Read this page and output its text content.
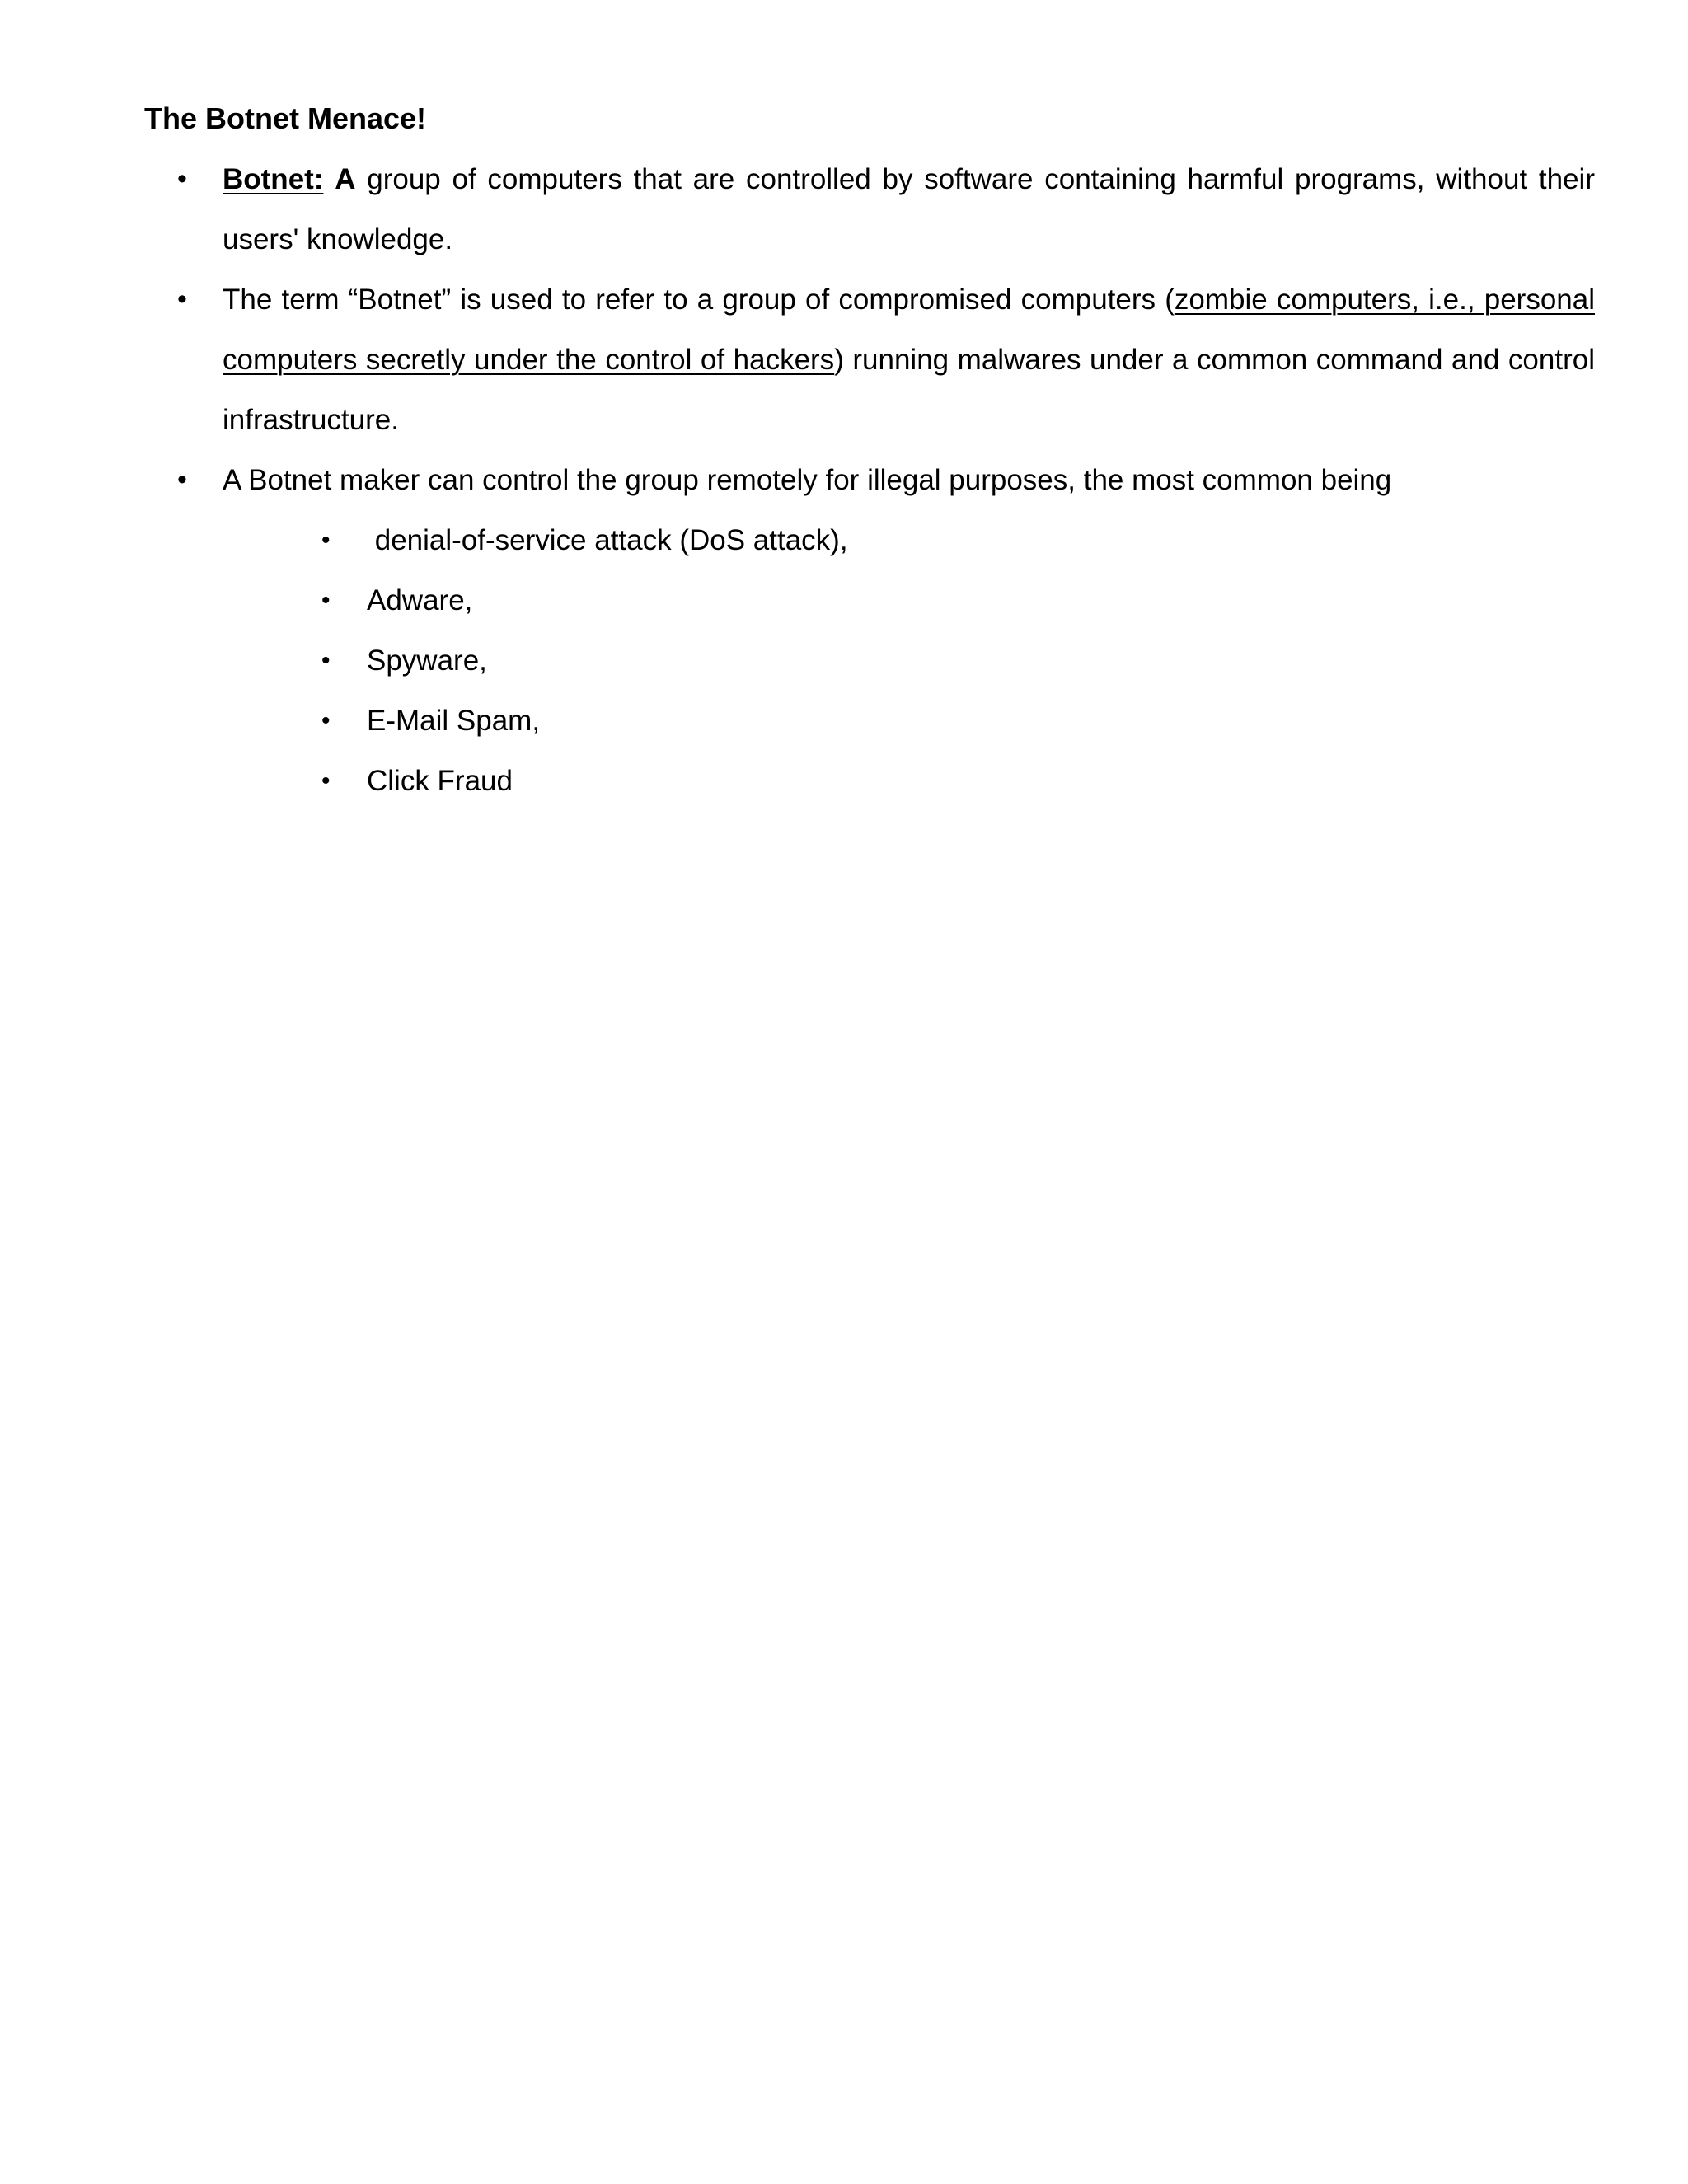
The Botnet Menace!
• Botnet: A group of computers that are controlled by software containing harmful programs, without their users' knowledge.
• The term “Botnet” is used to refer to a group of compromised computers (zombie computers, i.e., personal computers secretly under the control of hackers) running malwares under a common command and control infrastructure.
• A Botnet maker can control the group remotely for illegal purposes, the most common being
• denial-of-service attack (DoS attack),
• Adware,
• Spyware,
• E-Mail Spam,
• Click Fraud
